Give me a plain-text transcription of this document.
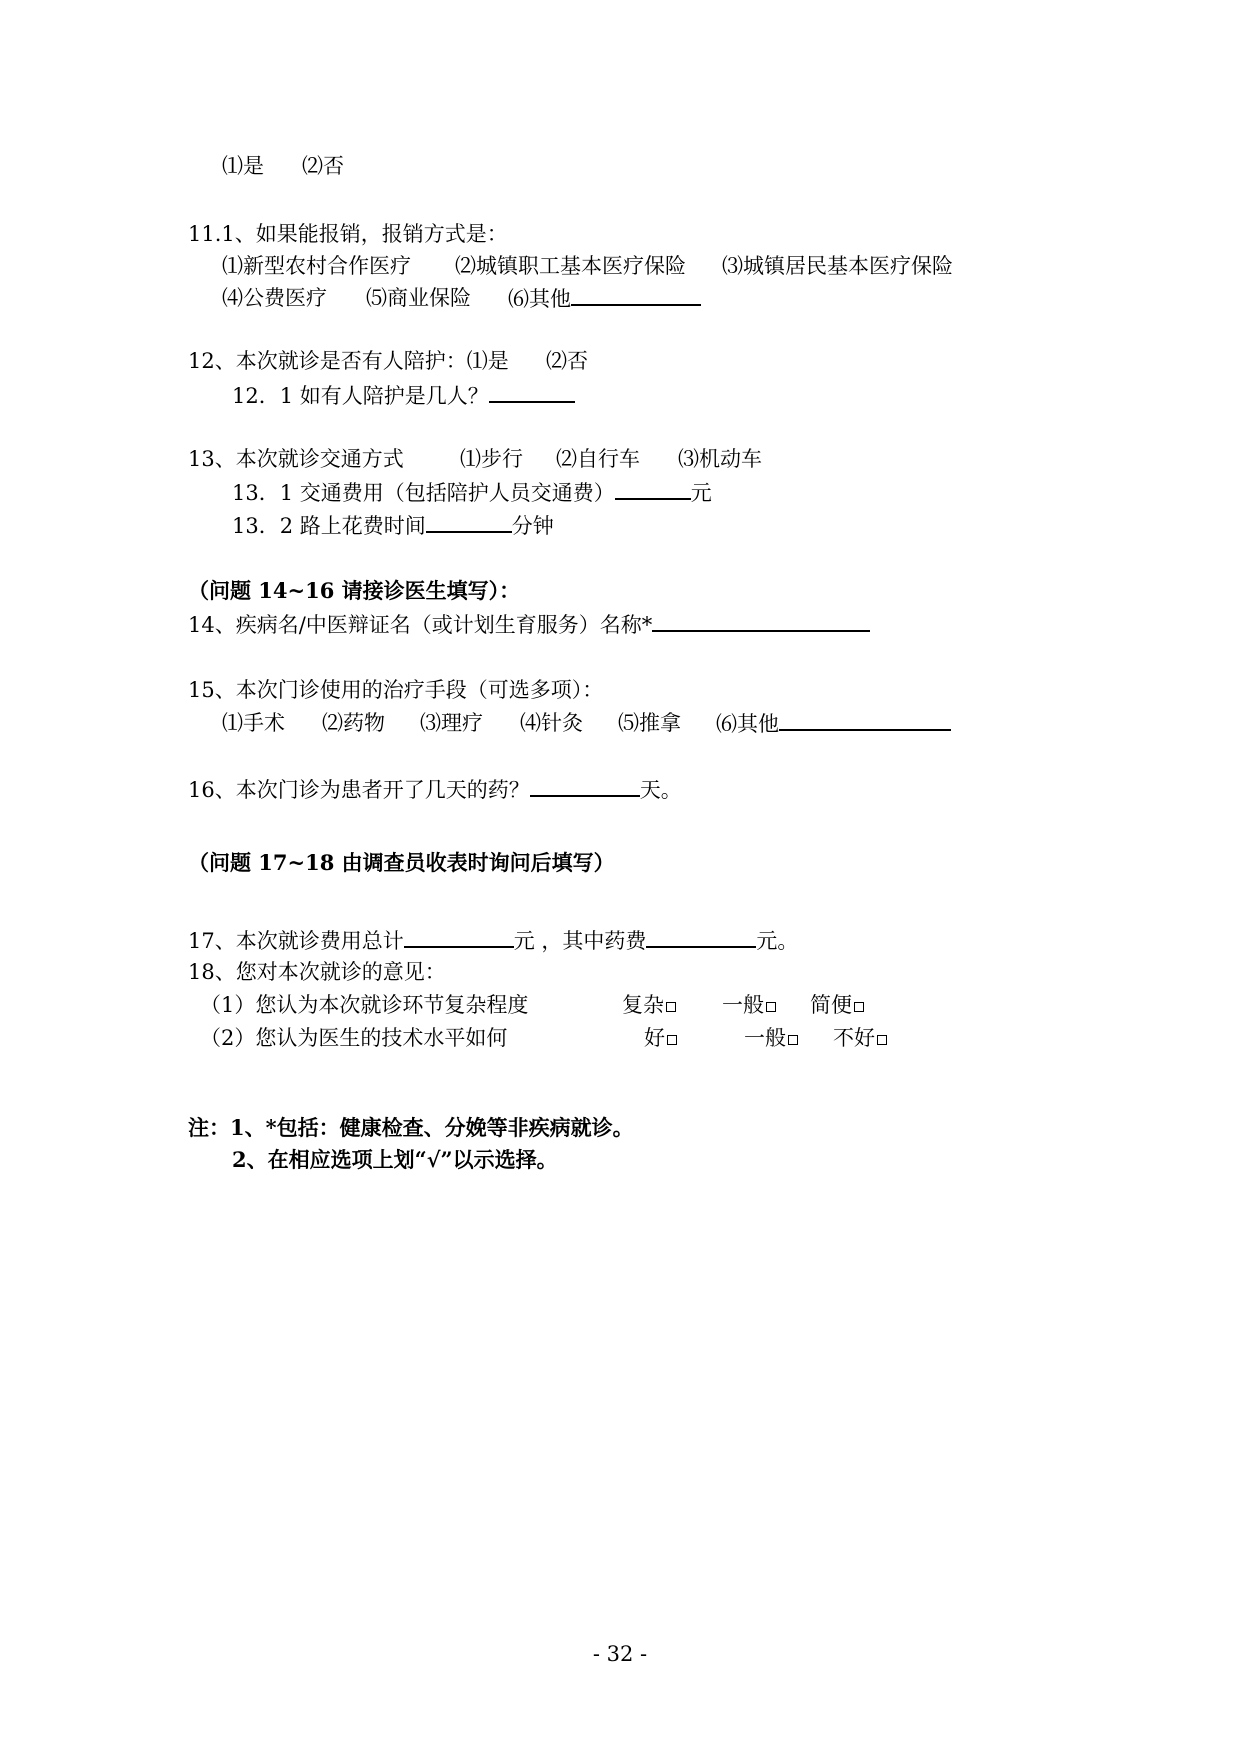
⑴是 ⑵否
11.1、如果能报销，报销方式是：
⑴新型农村合作医疗 ⑵城镇职工基本医疗保险 ⑶城镇居民基本医疗保险
⑷公费医疗 ⑸商业保险 ⑹其他
12、本次就诊是否有人陪护：⑴是 ⑵否
12．1 如有人陪护是几人？
13、本次就诊交通方式	⑴步行 ⑵自行车 ⑶机动车
13．1 交通费用（包括陪护人员交通费）	元
13．2 路上花费时间	分钟
（问题 14~16 请接诊医生填写）：
14、疾病名/中医辩证名（或计划生育服务）名称*
15、本次门诊使用的治疗手段（可选多项）：
⑴手术 ⑵药物 ⑶理疗 ⑷针灸 ⑸推拿 ⑹其他
16、本次门诊为患者开了几天的药？	天。
（问题 17~18 由调查员收表时询问后填写）
17、本次就诊费用总计	元 ，其中药费	元。
18、您对本次就诊的意见：
（1）您认为本次就诊环节复杂程度	复杂	一般	简便
（2）您认为医生的技术水平如何	好	一般	不好
注：1、*包括：健康检查、分娩等非疾病就诊。
2、在相应选项上划“√”以示选择。
- 32 -
